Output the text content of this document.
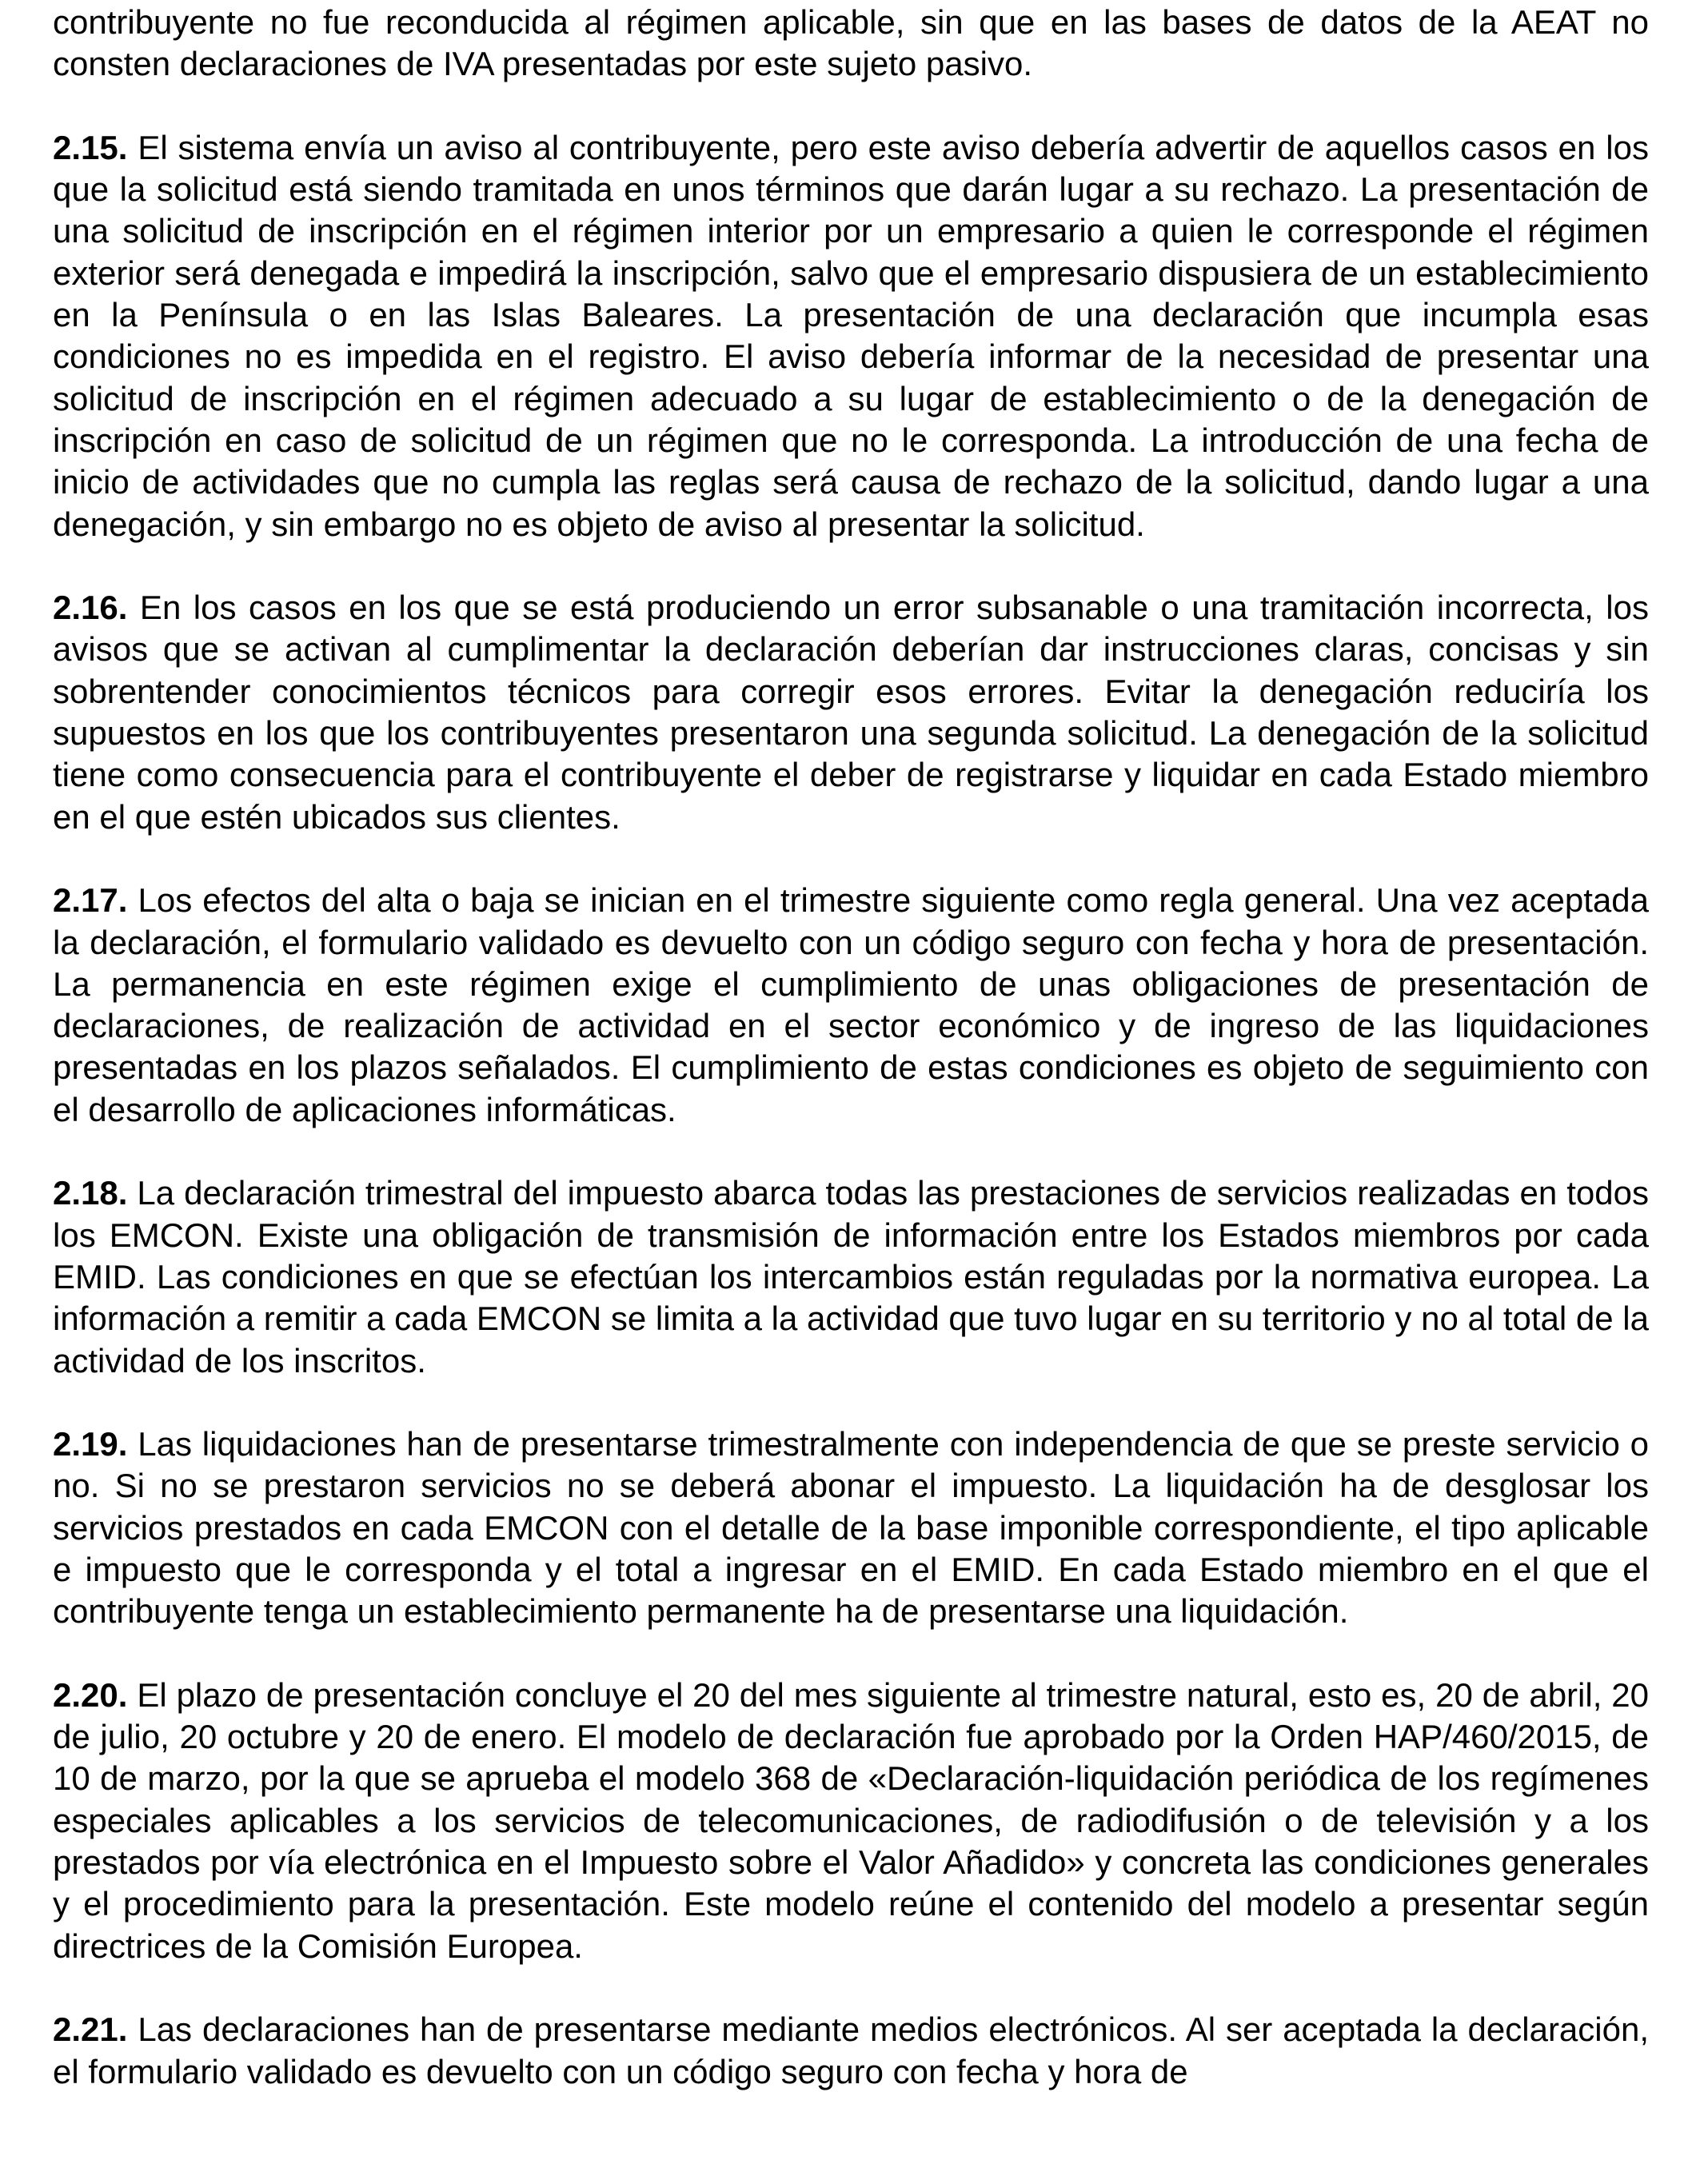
contribuyente no fue reconducida al régimen aplicable, sin que en las bases de datos de la AEAT no consten declaraciones de IVA presentadas por este sujeto pasivo.

2.15. El sistema envía un aviso al contribuyente, pero este aviso debería advertir de aquellos casos en los que la solicitud está siendo tramitada en unos términos que darán lugar a su rechazo. La presentación de una solicitud de inscripción en el régimen interior por un empresario a quien le corresponde el régimen exterior será denegada e impedirá la inscripción, salvo que el empresario dispusiera de un establecimiento en la Península o en las Islas Baleares. La presentación de una declaración que incumpla esas condiciones no es impedida en el registro. El aviso debería informar de la necesidad de presentar una solicitud de inscripción en el régimen adecuado a su lugar de establecimiento o de la denegación de inscripción en caso de solicitud de un régimen que no le corresponda. La introducción de una fecha de inicio de actividades que no cumpla las reglas será causa de rechazo de la solicitud, dando lugar a una denegación, y sin embargo no es objeto de aviso al presentar la solicitud.

2.16. En los casos en los que se está produciendo un error subsanable o una tramitación incorrecta, los avisos que se activan al cumplimentar la declaración deberían dar instrucciones claras, concisas y sin sobrentender conocimientos técnicos para corregir esos errores. Evitar la denegación reduciría los supuestos en los que los contribuyentes presentaron una segunda solicitud. La denegación de la solicitud tiene como consecuencia para el contribuyente el deber de registrarse y liquidar en cada Estado miembro en el que estén ubicados sus clientes.

2.17. Los efectos del alta o baja se inician en el trimestre siguiente como regla general. Una vez aceptada la declaración, el formulario validado es devuelto con un código seguro con fecha y hora de presentación. La permanencia en este régimen exige el cumplimiento de unas obligaciones de presentación de declaraciones, de realización de actividad en el sector económico y de ingreso de las liquidaciones presentadas en los plazos señalados. El cumplimiento de estas condiciones es objeto de seguimiento con el desarrollo de aplicaciones informáticas.

2.18. La declaración trimestral del impuesto abarca todas las prestaciones de servicios realizadas en todos los EMCON. Existe una obligación de transmisión de información entre los Estados miembros por cada EMID. Las condiciones en que se efectúan los intercambios están reguladas por la normativa europea. La información a remitir a cada EMCON se limita a la actividad que tuvo lugar en su territorio y no al total de la actividad de los inscritos.

2.19. Las liquidaciones han de presentarse trimestralmente con independencia de que se preste servicio o no. Si no se prestaron servicios no se deberá abonar el impuesto. La liquidación ha de desglosar los servicios prestados en cada EMCON con el detalle de la base imponible correspondiente, el tipo aplicable e impuesto que le corresponda y el total a ingresar en el EMID. En cada Estado miembro en el que el contribuyente tenga un establecimiento permanente ha de presentarse una liquidación.

2.20. El plazo de presentación concluye el 20 del mes siguiente al trimestre natural, esto es, 20 de abril, 20 de julio, 20 octubre y 20 de enero. El modelo de declaración fue aprobado por la Orden HAP/460/2015, de 10 de marzo, por la que se aprueba el modelo 368 de «Declaración-liquidación periódica de los regímenes especiales aplicables a los servicios de telecomunicaciones, de radiodifusión o de televisión y a los prestados por vía electrónica en el Impuesto sobre el Valor Añadido» y concreta las condiciones generales y el procedimiento para la presentación. Este modelo reúne el contenido del modelo a presentar según directrices de la Comisión Europea.

2.21. Las declaraciones han de presentarse mediante medios electrónicos. Al ser aceptada la declaración, el formulario validado es devuelto con un código seguro con fecha y hora de
